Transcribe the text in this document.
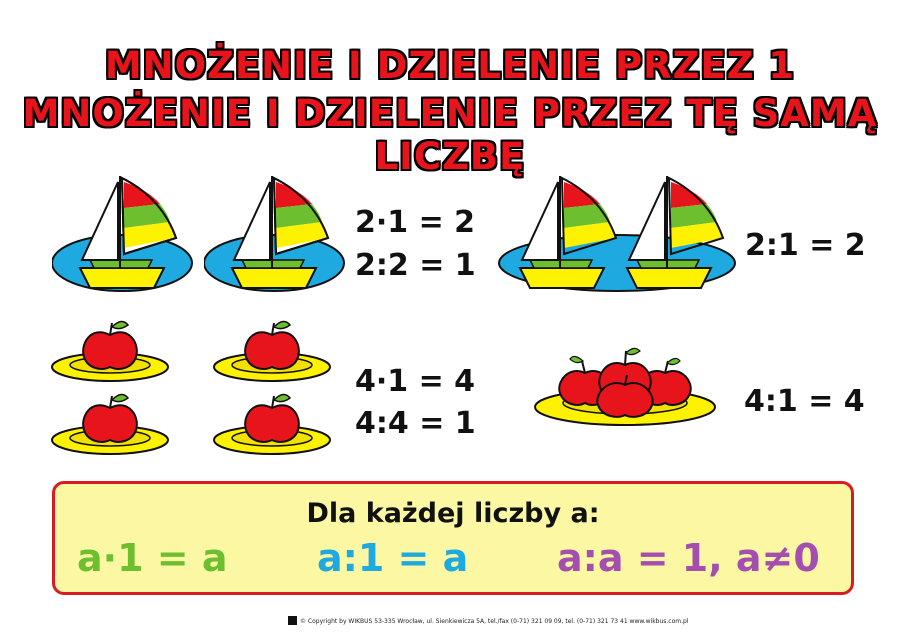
MNOŻENIE I DZIELENIE PRZEZ 1
MNOŻENIE I DZIELENIE PRZEZ TĘ SAMĄ LICZBĘ
2·1 = 2
2:2 = 1
2:1 = 2
4·1 = 4
4:4 = 1
4:1 = 4
Dla każdej liczby a:
a·1 = a a:1 = a a:a = 1, a≠0
© Copyright by WIKBUS 53-335 Wrocław, ul. Sienkiewicza 5A, tel./fax (0-71) 321 09 09, tel. (0-71) 321 73 41 www.wikbus.com.pl
